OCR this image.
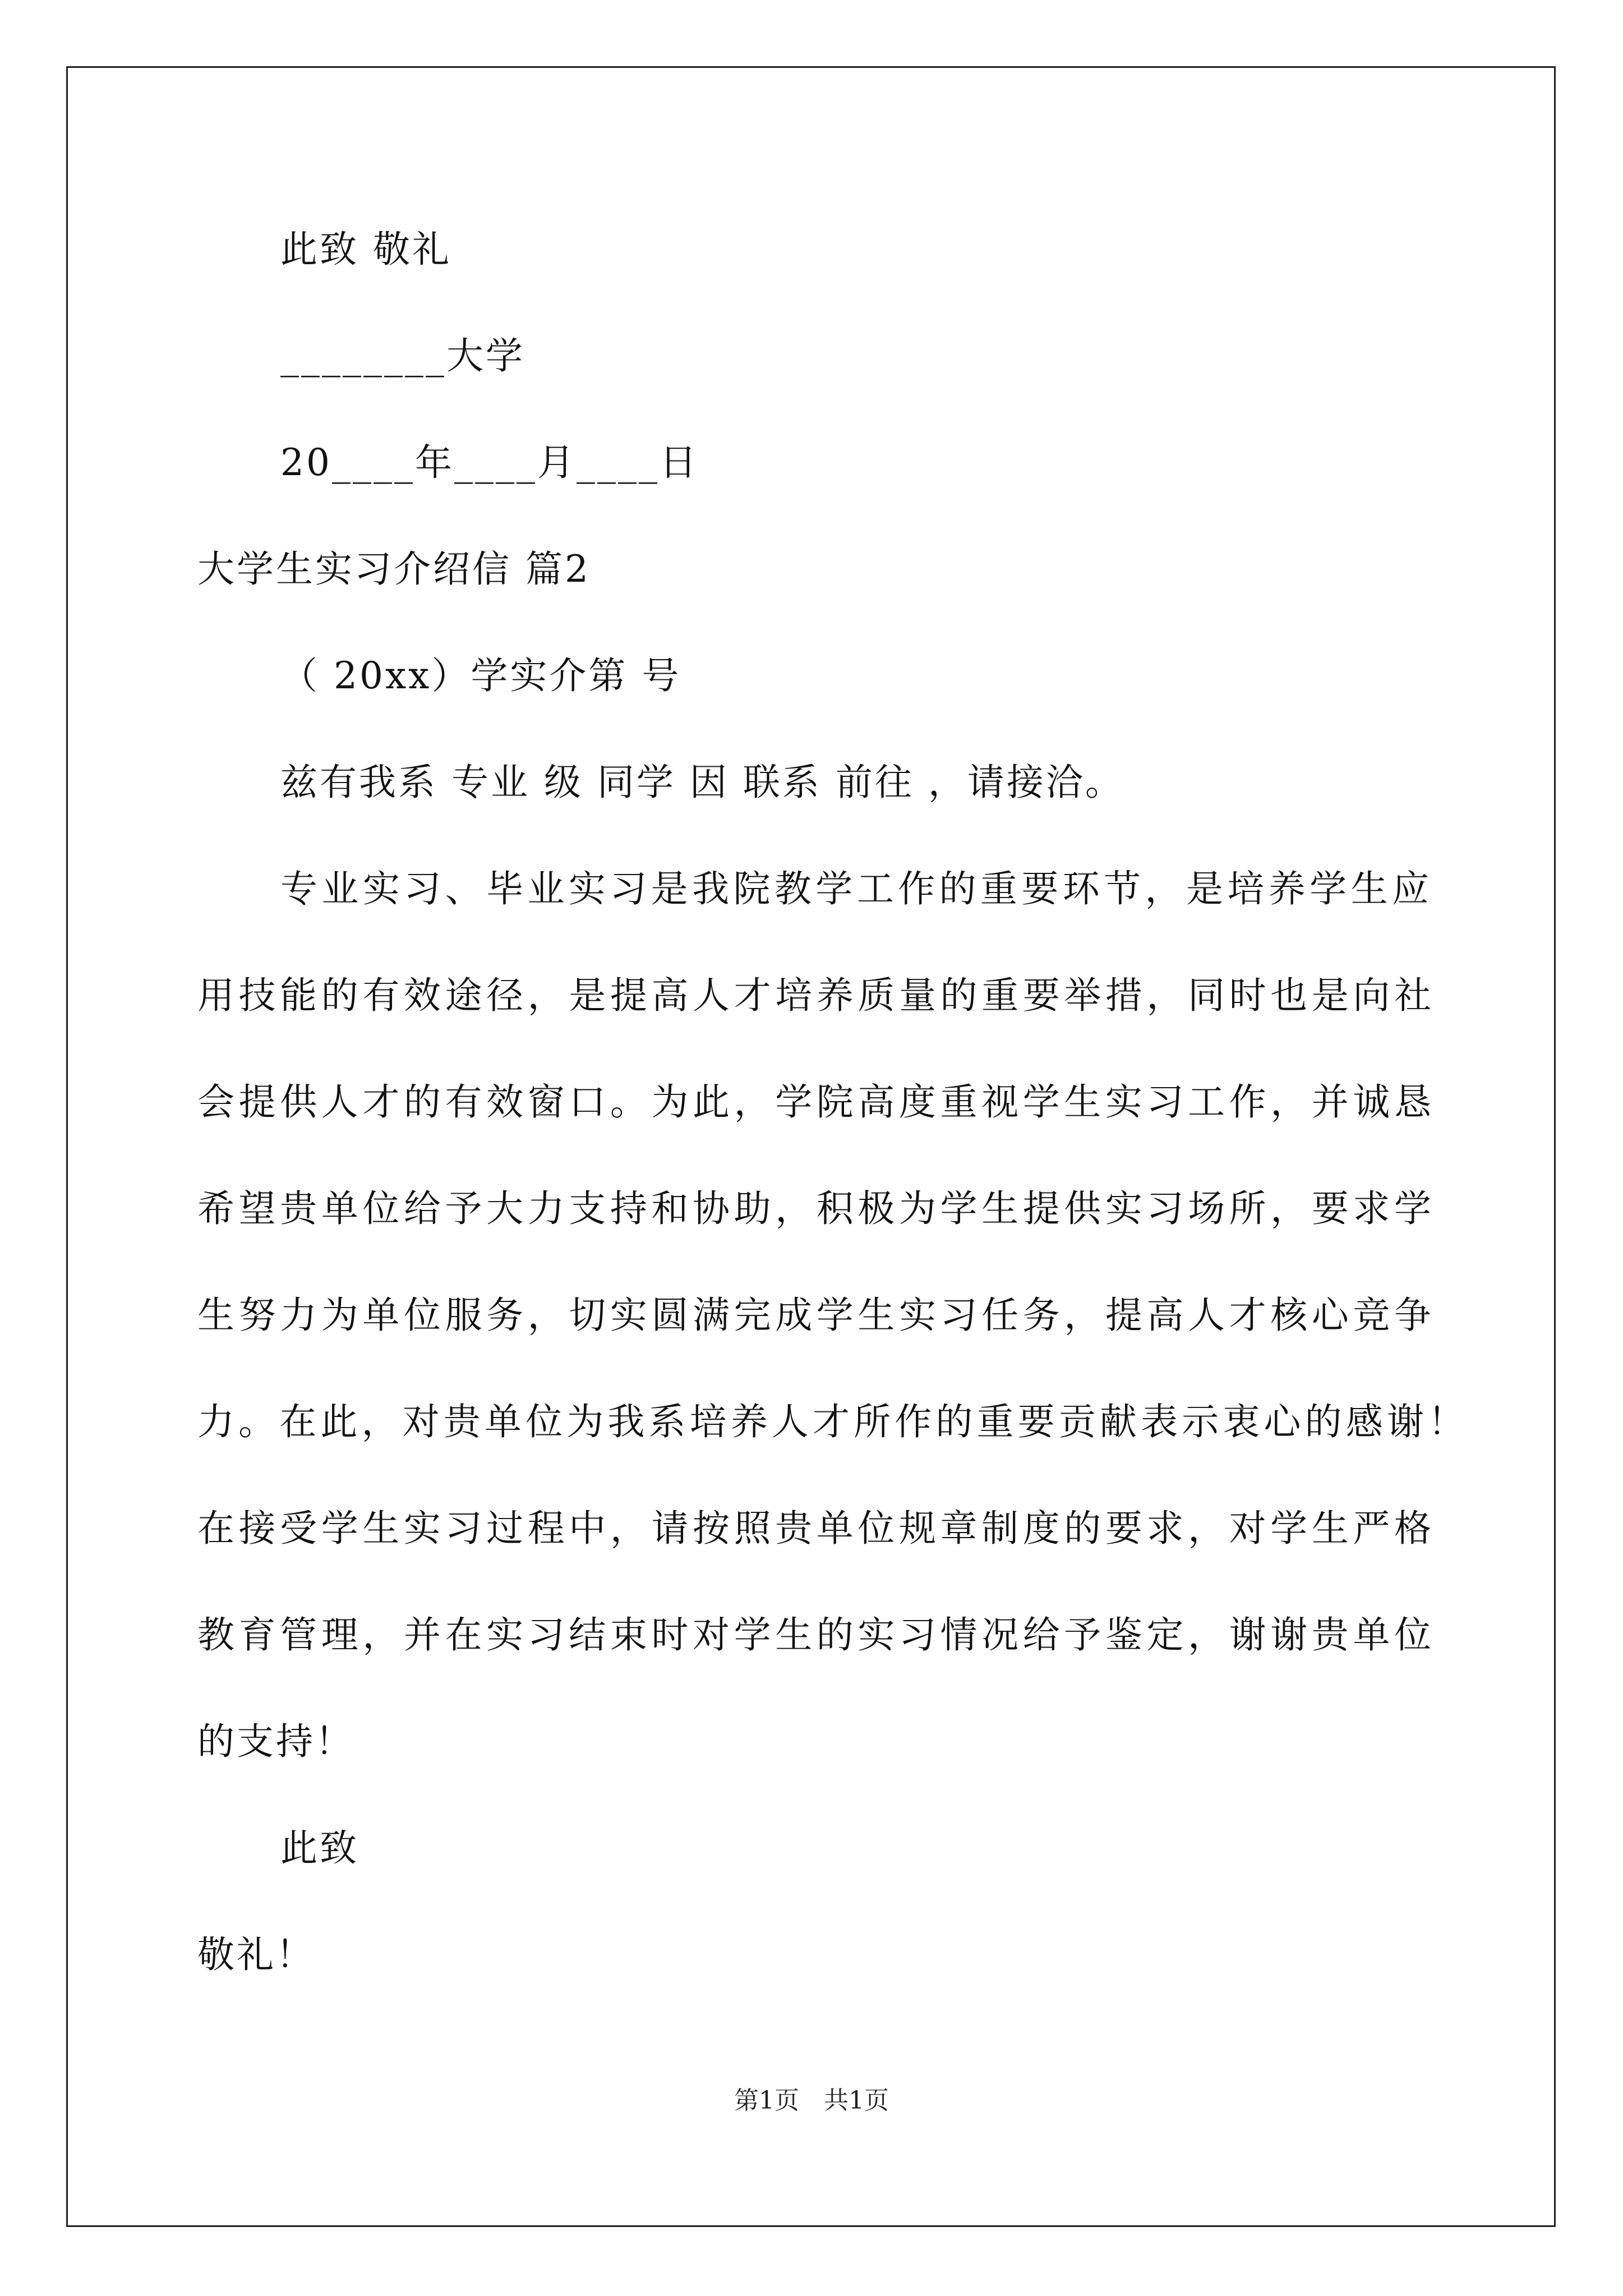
此致 敬礼
________大学
20____年____月____日
大学生实习介绍信 篇2
（ 20xx）学实介第 号
兹有我系 专业 级 同学 因 联系 前往 ，请接洽。
专业实习、毕业实习是我院教学工作的重要环节，是培养学生应
用技能的有效途径，是提高人才培养质量的重要举措，同时也是向社
会提供人才的有效窗口。为此，学院高度重视学生实习工作，并诚恳
希望贵单位给予大力支持和协助，积极为学生提供实习场所，要求学
生努力为单位服务，切实圆满完成学生实习任务，提高人才核心竞争
力。在此，对贵单位为我系培养人才所作的重要贡献表示衷心的感谢！
在接受学生实习过程中，请按照贵单位规章制度的要求，对学生严格
教育管理，并在实习结束时对学生的实习情况给予鉴定，谢谢贵单位
的支持！
此致
敬礼！
第1页　共1页
